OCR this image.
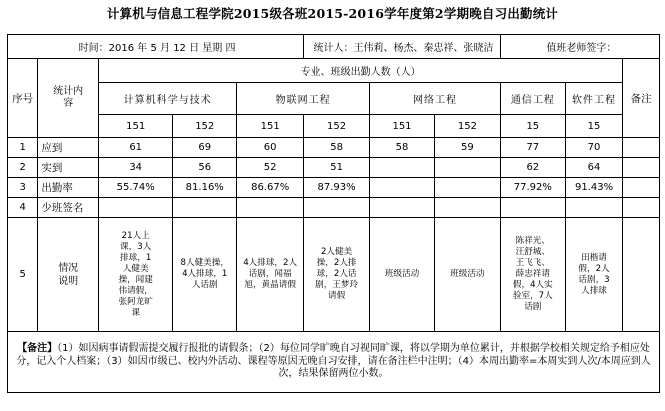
计算机与信息工程学院2015级各班2015-2016学年度第2学期晚自习出勤统计
时间：2016 年 5 月 12 日 星期 四					统计人：王伟莉、杨杰、秦忠祥、张晓洁			值班老师签字：		
序号	统计内容	专业、班级出勤人数（人）								备注
		计算机科学与技术		物联网工程		网络工程		通信工程	软件工程	
		151	152	151	152	151	152	15	15	
1	应到	61	69	60	58	58	59	77	70	
2	实到	34	56	52	51			62	64	
3	出勤率	55.74%	81.16%	86.67%	87.93%			77.92%	91.43%	
4	少班签名									
5	情况说明	21人上课，3人排球，1人健美操，闻建伟请假，张阿龙旷课	8人健美操，4人排球，1人话剧	4人排球，2人话剧，闻福旭，黄晶请假	2人健美操，2人排球，2人话剧，王梦玲请假	班级活动	班级活动	陈祥光、汪舒城、王飞飞、薛忠祥请假，4人实验室，7人话剧	田楷请假，2人话剧，3人排球	

【备注】（1）如因病事请假需提交履行报批的请假条；（2）每位同学旷晚自习视同旷课，将以学期为单位累计，并根据学校相关规定给予相应处分，记入个人档案；（3）如因市级已、校内外活动、课程等原因无晚自习安排，请在备注栏中注明；（4）本周出勤率=本周实到人次/本周应到人次，结果保留两位小数。										
